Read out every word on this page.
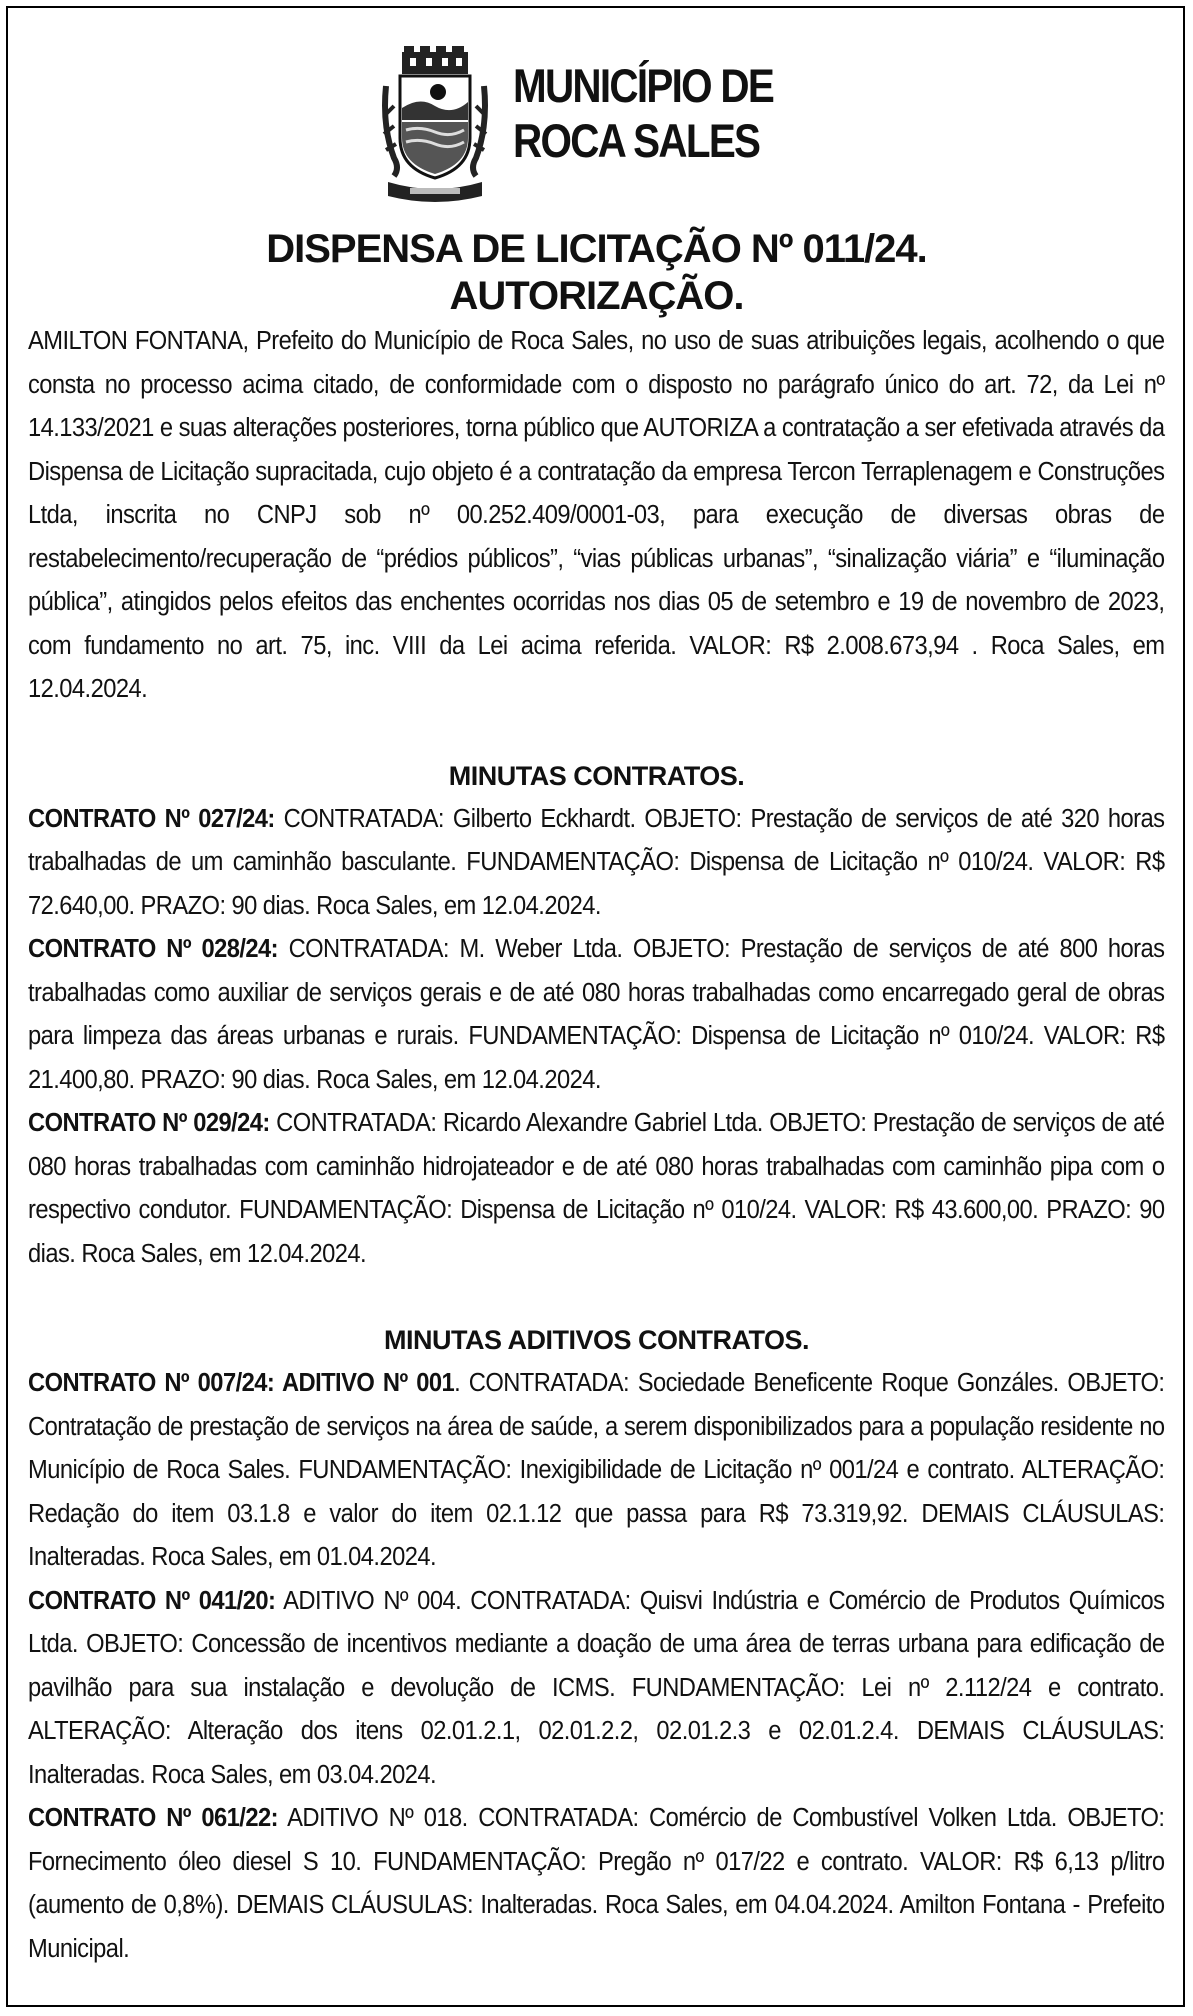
MUNICÍPIO DE
ROCA SALES
DISPENSA DE LICITAÇÃO Nº 011/24.
AUTORIZAÇÃO.

AMILTON FONTANA, Prefeito do Município de Roca Sales, no uso de suas atribuições legais, acolhendo o que consta no processo acima citado, de conformidade com o disposto no parágrafo único do art. 72, da Lei nº 14.133/2021 e suas alterações posteriores, torna público que AUTORIZA a contratação a ser efetivada através da Dispensa de Licitação supracitada, cujo objeto é a contratação da empresa Tercon Terraplenagem e Construções Ltda, inscrita no CNPJ sob nº 00.252.409/0001-03, para execução de diversas obras de restabelecimento/recuperação de “prédios públicos”, “vias públicas urbanas”, “sinalização viária” e “iluminação pública”, atingidos pelos efeitos das enchentes ocorridas nos dias 05 de setembro e 19 de novembro de 2023, com fundamento no art. 75, inc. VIII da Lei acima referida. VALOR: R$ 2.008.673,94 . Roca Sales, em 12.04.2024.

MINUTAS CONTRATOS.

CONTRATO Nº 027/24: CONTRATADA: Gilberto Eckhardt. OBJETO: Prestação de serviços de até 320 horas trabalhadas de um caminhão basculante. FUNDAMENTAÇÃO: Dispensa de Licitação nº 010/24. VALOR: R$ 72.640,00. PRAZO: 90 dias. Roca Sales, em 12.04.2024.

CONTRATO Nº 028/24: CONTRATADA: M. Weber Ltda. OBJETO: Prestação de serviços de até 800 horas trabalhadas como auxiliar de serviços gerais e de até 080 horas trabalhadas como encarregado geral de obras para limpeza das áreas urbanas e rurais. FUNDAMENTAÇÃO: Dispensa de Licitação nº 010/24. VALOR: R$ 21.400,80. PRAZO: 90 dias. Roca Sales, em 12.04.2024.

CONTRATO Nº 029/24: CONTRATADA: Ricardo Alexandre Gabriel Ltda. OBJETO: Prestação de serviços de até 080 horas trabalhadas com caminhão hidrojateador e de até 080 horas trabalhadas com caminhão pipa com o respectivo condutor. FUNDAMENTAÇÃO: Dispensa de Licitação nº 010/24. VALOR: R$ 43.600,00. PRAZO: 90 dias. Roca Sales, em 12.04.2024.

MINUTAS ADITIVOS CONTRATOS.

CONTRATO Nº 007/24: ADITIVO Nº 001. CONTRATADA: Sociedade Beneficente Roque Gonzáles. OBJETO: Contratação de prestação de serviços na área de saúde, a serem disponibilizados para a população residente no Município de Roca Sales. FUNDAMENTAÇÃO: Inexigibilidade de Licitação nº 001/24 e contrato. ALTERAÇÃO: Redação do item 03.1.8 e valor do item 02.1.12 que passa para R$ 73.319,92. DEMAIS CLÁUSULAS: Inalteradas. Roca Sales, em 01.04.2024.

CONTRATO Nº 041/20: ADITIVO Nº 004. CONTRATADA: Quisvi Indústria e Comércio de Produtos Químicos Ltda. OBJETO: Concessão de incentivos mediante a doação de uma área de terras urbana para edificação de pavilhão para sua instalação e devolução de ICMS. FUNDAMENTAÇÃO: Lei nº 2.112/24 e contrato. ALTERAÇÃO: Alteração dos itens 02.01.2.1, 02.01.2.2, 02.01.2.3 e 02.01.2.4. DEMAIS CLÁUSULAS: Inalteradas. Roca Sales, em 03.04.2024.

CONTRATO Nº 061/22: ADITIVO Nº 018. CONTRATADA: Comércio de Combustível Volken Ltda. OBJETO: Fornecimento óleo diesel S 10. FUNDAMENTAÇÃO: Pregão nº 017/22 e contrato. VALOR: R$ 6,13 p/litro (aumento de 0,8%). DEMAIS CLÁUSULAS: Inalteradas. Roca Sales, em 04.04.2024. Amilton Fontana - Prefeito Municipal.
